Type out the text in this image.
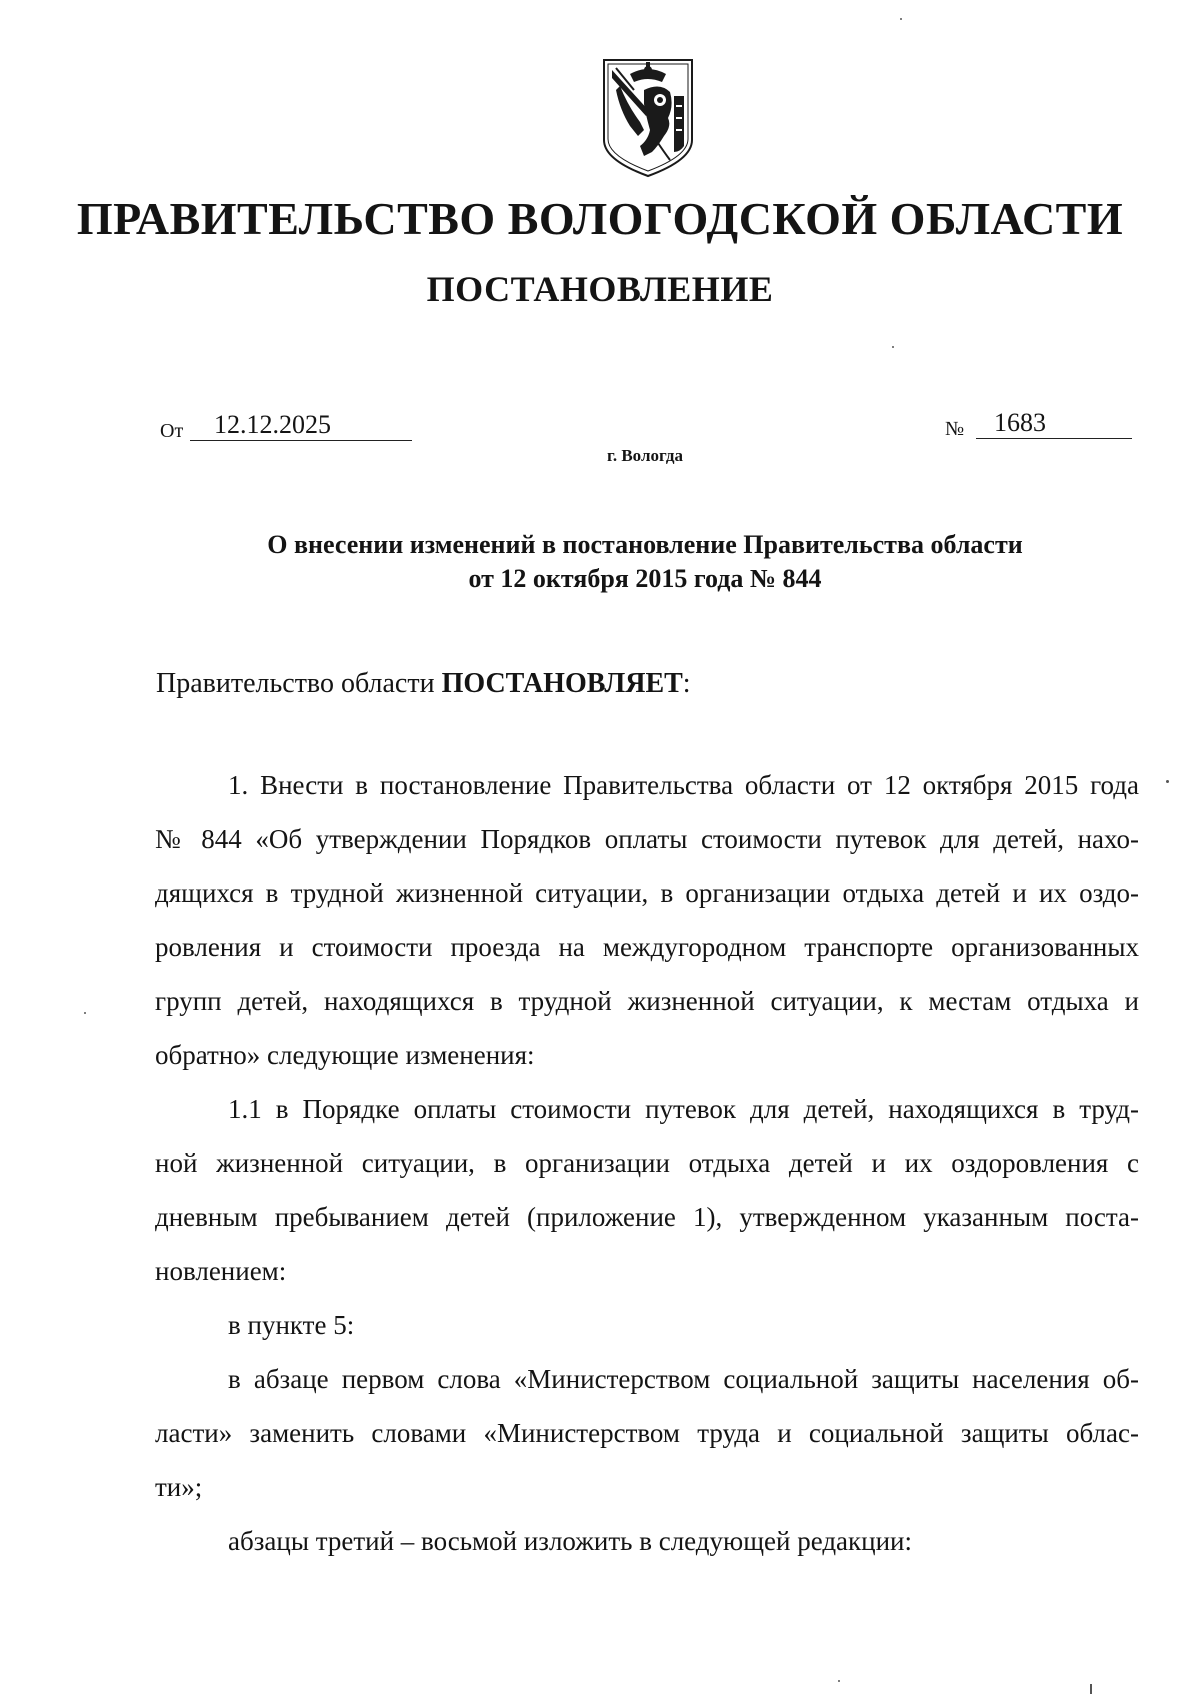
ПРАВИТЕЛЬСТВО ВОЛОГОДСКОЙ ОБЛАСТИ
ПОСТАНОВЛЕНИЕ
От	12.12.2025	№	1683
г. Вологда
О внесении изменений в постановление Правительства области
от 12 октября 2015 года № 844
Правительство области ПОСТАНОВЛЯЕТ:
1. Внести в постановление Правительства области от 12 октября 2015 года
№ 844 «Об утверждении Порядков оплаты стоимости путевок для детей, нахо-
дящихся в трудной жизненной ситуации, в организации отдыха детей и их оздо-
ровления и стоимости проезда на междугородном транспорте организованных
групп детей, находящихся в трудной жизненной ситуации, к местам отдыха и
обратно» следующие изменения:
1.1 в Порядке оплаты стоимости путевок для детей, находящихся в труд-
ной жизненной ситуации, в организации отдыха детей и их оздоровления с
дневным пребыванием детей (приложение 1), утвержденном указанным поста-
новлением:
в пункте 5:
в абзаце первом слова «Министерством социальной защиты населения об-
ласти» заменить словами «Министерством труда и социальной защиты облас-
ти»;
абзацы третий – восьмой изложить в следующей редакции:
